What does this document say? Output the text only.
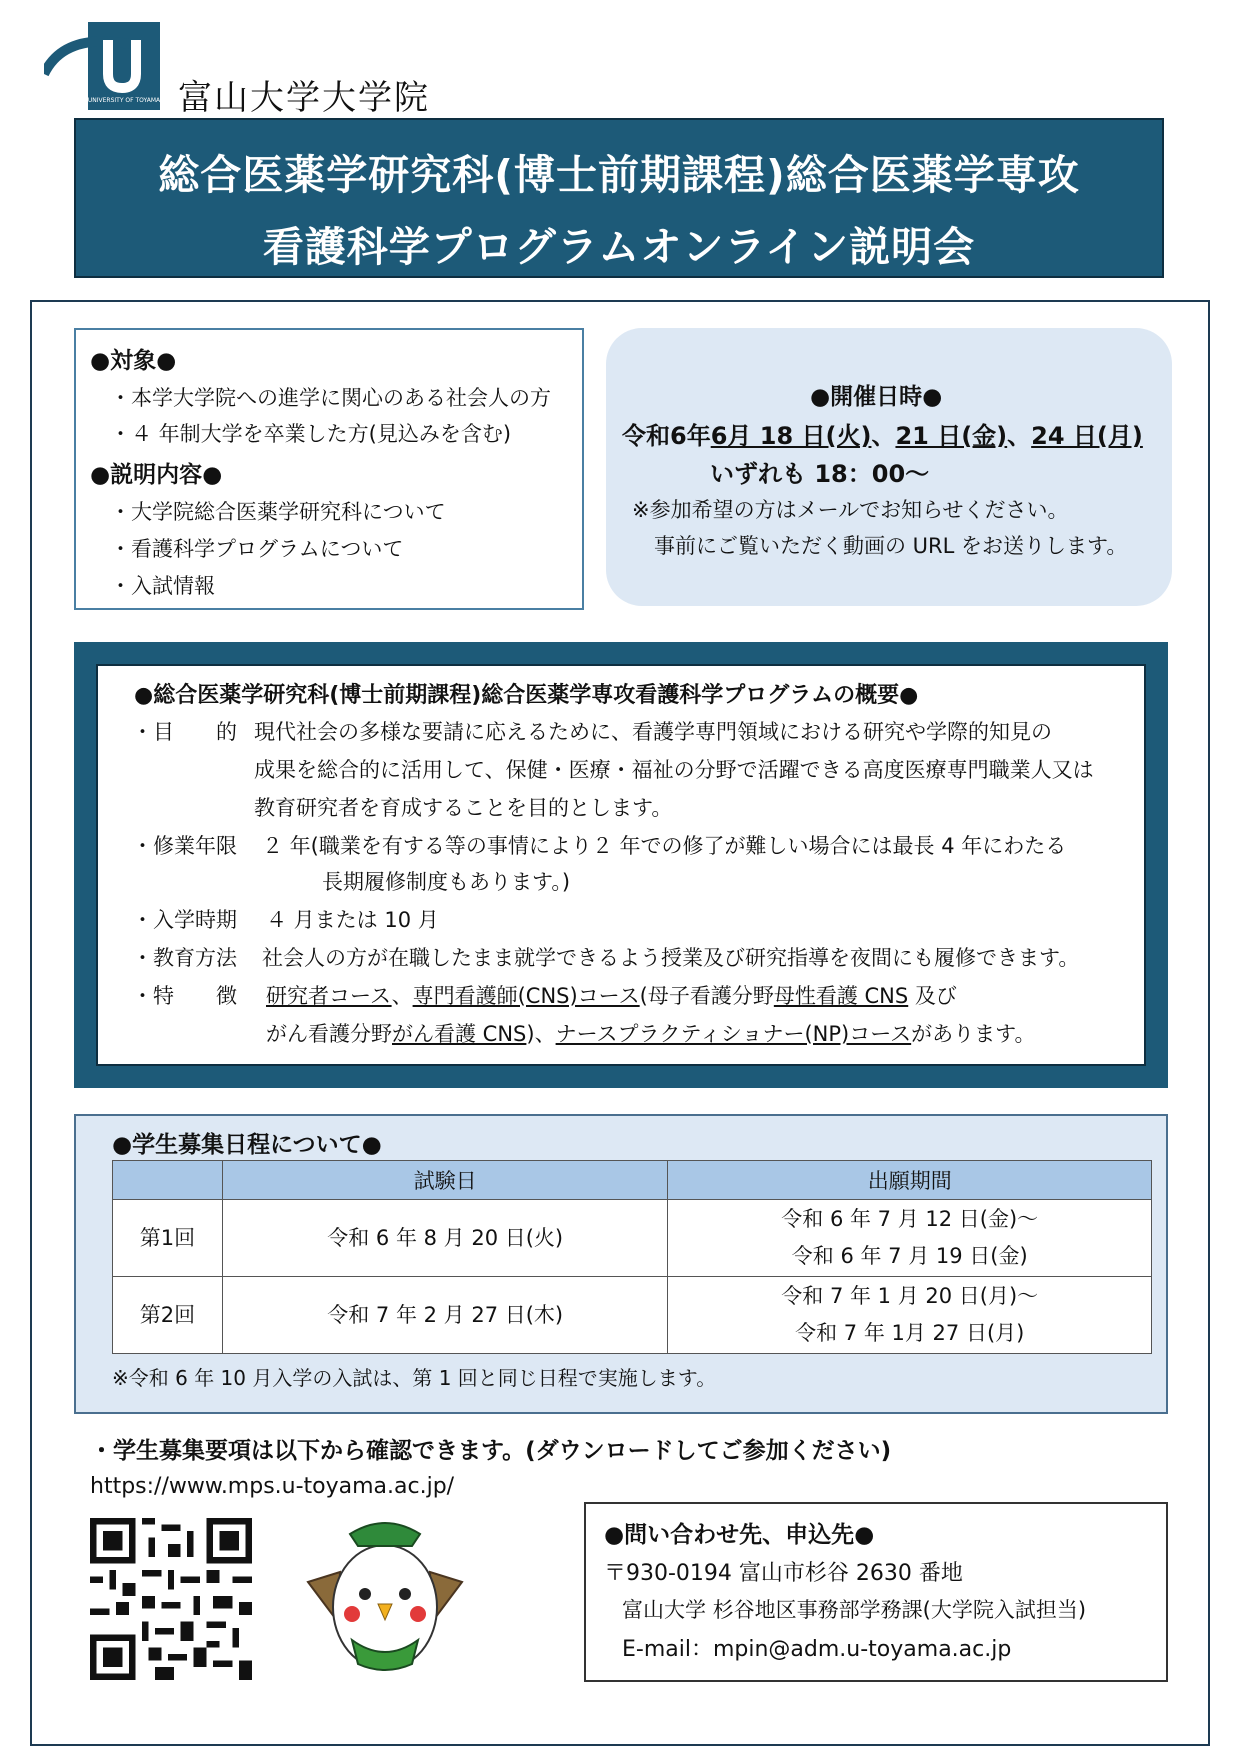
UNIVERSITY OF TOYAMA 富山大学大学院
総合医薬学研究科(博士前期課程)総合医薬学専攻
看護科学プログラムオンライン説明会
●対象●
・本学大学院への進学に関心のある社会人の方
・４ 年制大学を卒業した方(見込みを含む)
●説明内容●
・大学院総合医薬学研究科について
・看護科学プログラムについて
・入試情報
●開催日時●
令和6年6月 18 日(火)、21 日(金)、24 日(月)
いずれも 18：00～
※参加希望の方はメールでお知らせください。
事前にご覧いただく動画の URL をお送りします。
●総合医薬学研究科(博士前期課程)総合医薬学専攻看護科学プログラムの概要●
・目　　的 現代社会の多様な要請に応えるために、看護学専門領域における研究や学際的知見の
成果を総合的に活用して、保健・医療・福祉の分野で活躍できる高度医療専門職業人又は
教育研究者を育成することを目的とします。
・修業年限 ２ 年(職業を有する等の事情により２ 年での修了が難しい場合には最長 4 年にわたる
長期履修制度もあります。)
・入学時期 ４ 月または 10 月
・教育方法 社会人の方が在職したまま就学できるよう授業及び研究指導を夜間にも履修できます。
・特　　徴 研究者コース、専門看護師(CNS)コース(母子看護分野母性看護 CNS 及び
がん看護分野がん看護 CNS)、ナースプラクティショナー(NP)コースがあります。
●学生募集日程について●
	試験日	出願期間
第1回	令和 6 年 8 月 20 日(火)	令和 6 年 7 月 12 日(金)～
令和 6 年 7 月 19 日(金)

第2回	令和 7 年 2 月 27 日(木)	令和 7 年 1 月 20 日(月)～
令和 7 年 1月 27 日(月)
※令和 6 年 10 月入学の入試は、第 1 回と同じ日程で実施します。
・学生募集要項は以下から確認できます。(ダウンロードしてご参加ください)
https://www.mps.u-toyama.ac.jp/
●問い合わせ先、申込先●
〒930-0194 富山市杉谷 2630 番地
富山大学 杉谷地区事務部学務課(大学院入試担当)
E-mail：mpin@adm.u-toyama.ac.jp
